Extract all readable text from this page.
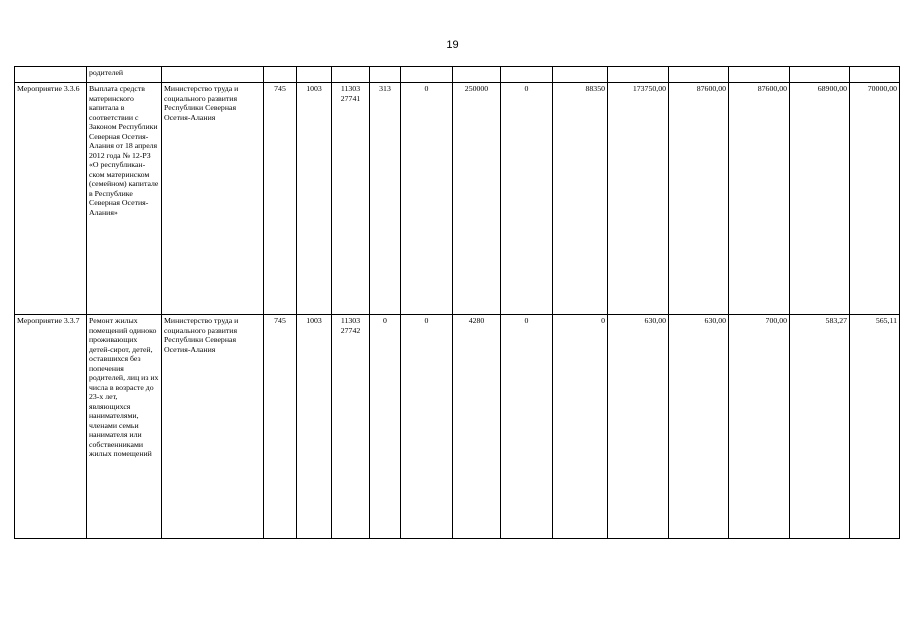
19
	родителей														
Мероприятие 3.3.6	Выплата средств материнского капитала в соответствии с Законом Республики Северная Осетия-Алания от 18 апреля 2012 года № 12-РЗ «О республикан-ском материнском (семейном) капитале в Республике Северная Осетия-Алания»	Министерство труда и социального развития Республики Северная Осетия-Алания	745	1003	11303 27741	313	0	250000	0	88350	173750,00	87600,00	87600,00	68900,00	70000,00
Мероприятие 3.3.7	Ремонт жилых помещений одиноко проживающих детей-сирот, детей, оставшихся без попечения родителей, лиц из их числа в возрасте до 23-х лет, являющихся нанимателями, членами семьи нанимателя или собственниками жилых помещений	Министерство труда и социального развития Республики Северная Осетия-Алания	745	1003	11303 27742	0	0	4280	0	0	630,00	630,00	700,00	583,27	565,11
